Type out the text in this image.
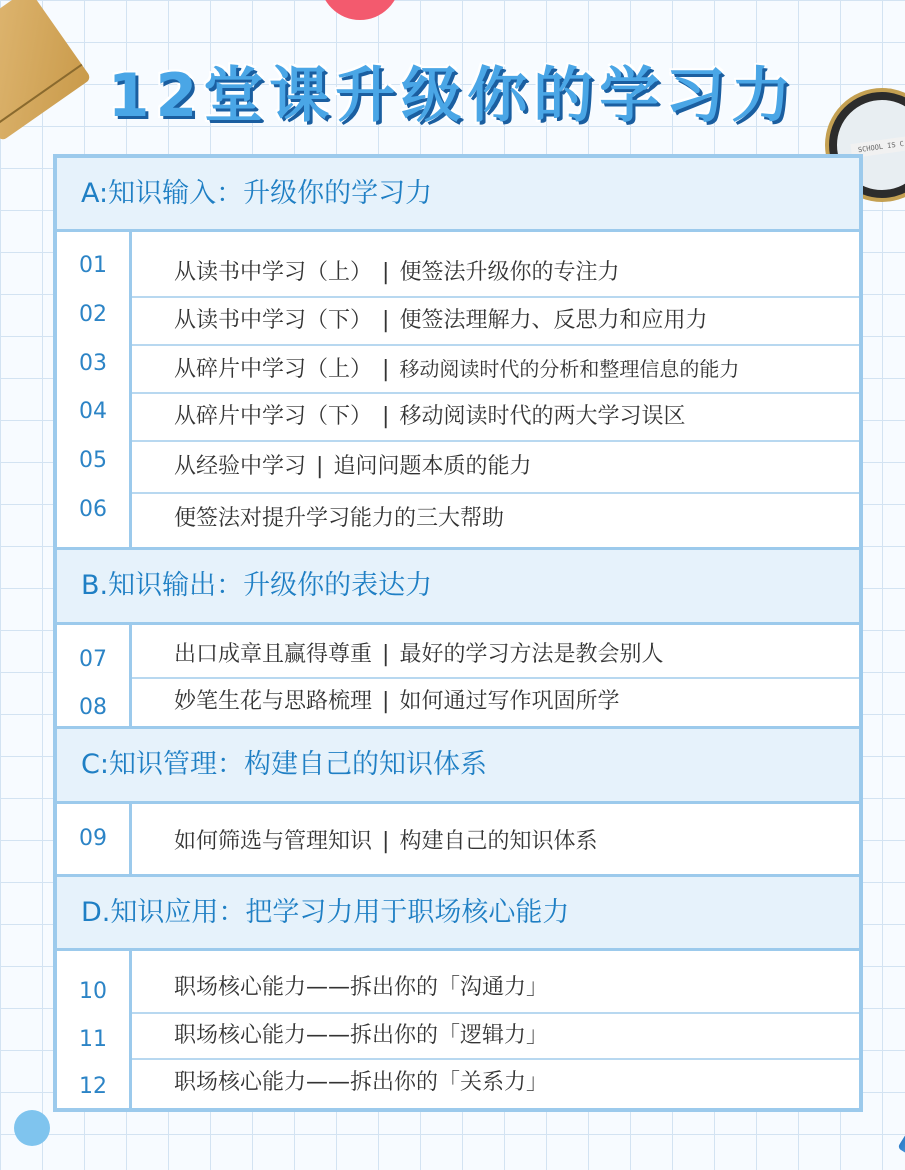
SCHOOL IS C
12堂课升级你的学习力
A:知识输入：升级你的学习力
01	从读书中学习（上） | 便签法升级你的专注力
02	从读书中学习（下） | 便签法理解力、反思力和应用力
03	从碎片中学习（上） | 移动阅读时代的分析和整理信息的能力
04	从碎片中学习（下） | 移动阅读时代的两大学习误区
05	从经验中学习 | 追问问题本质的能力
06	便签法对提升学习能力的三大帮助
B.知识输出：升级你的表达力
07	出口成章且赢得尊重 | 最好的学习方法是教会别人
08	妙笔生花与思路梳理 | 如何通过写作巩固所学
C:知识管理：构建自己的知识体系
09	如何筛选与管理知识 | 构建自己的知识体系
D.知识应用：把学习力用于职场核心能力
10	职场核心能力——拆出你的「沟通力」
11	职场核心能力——拆出你的「逻辑力」
12	职场核心能力——拆出你的「关系力」
